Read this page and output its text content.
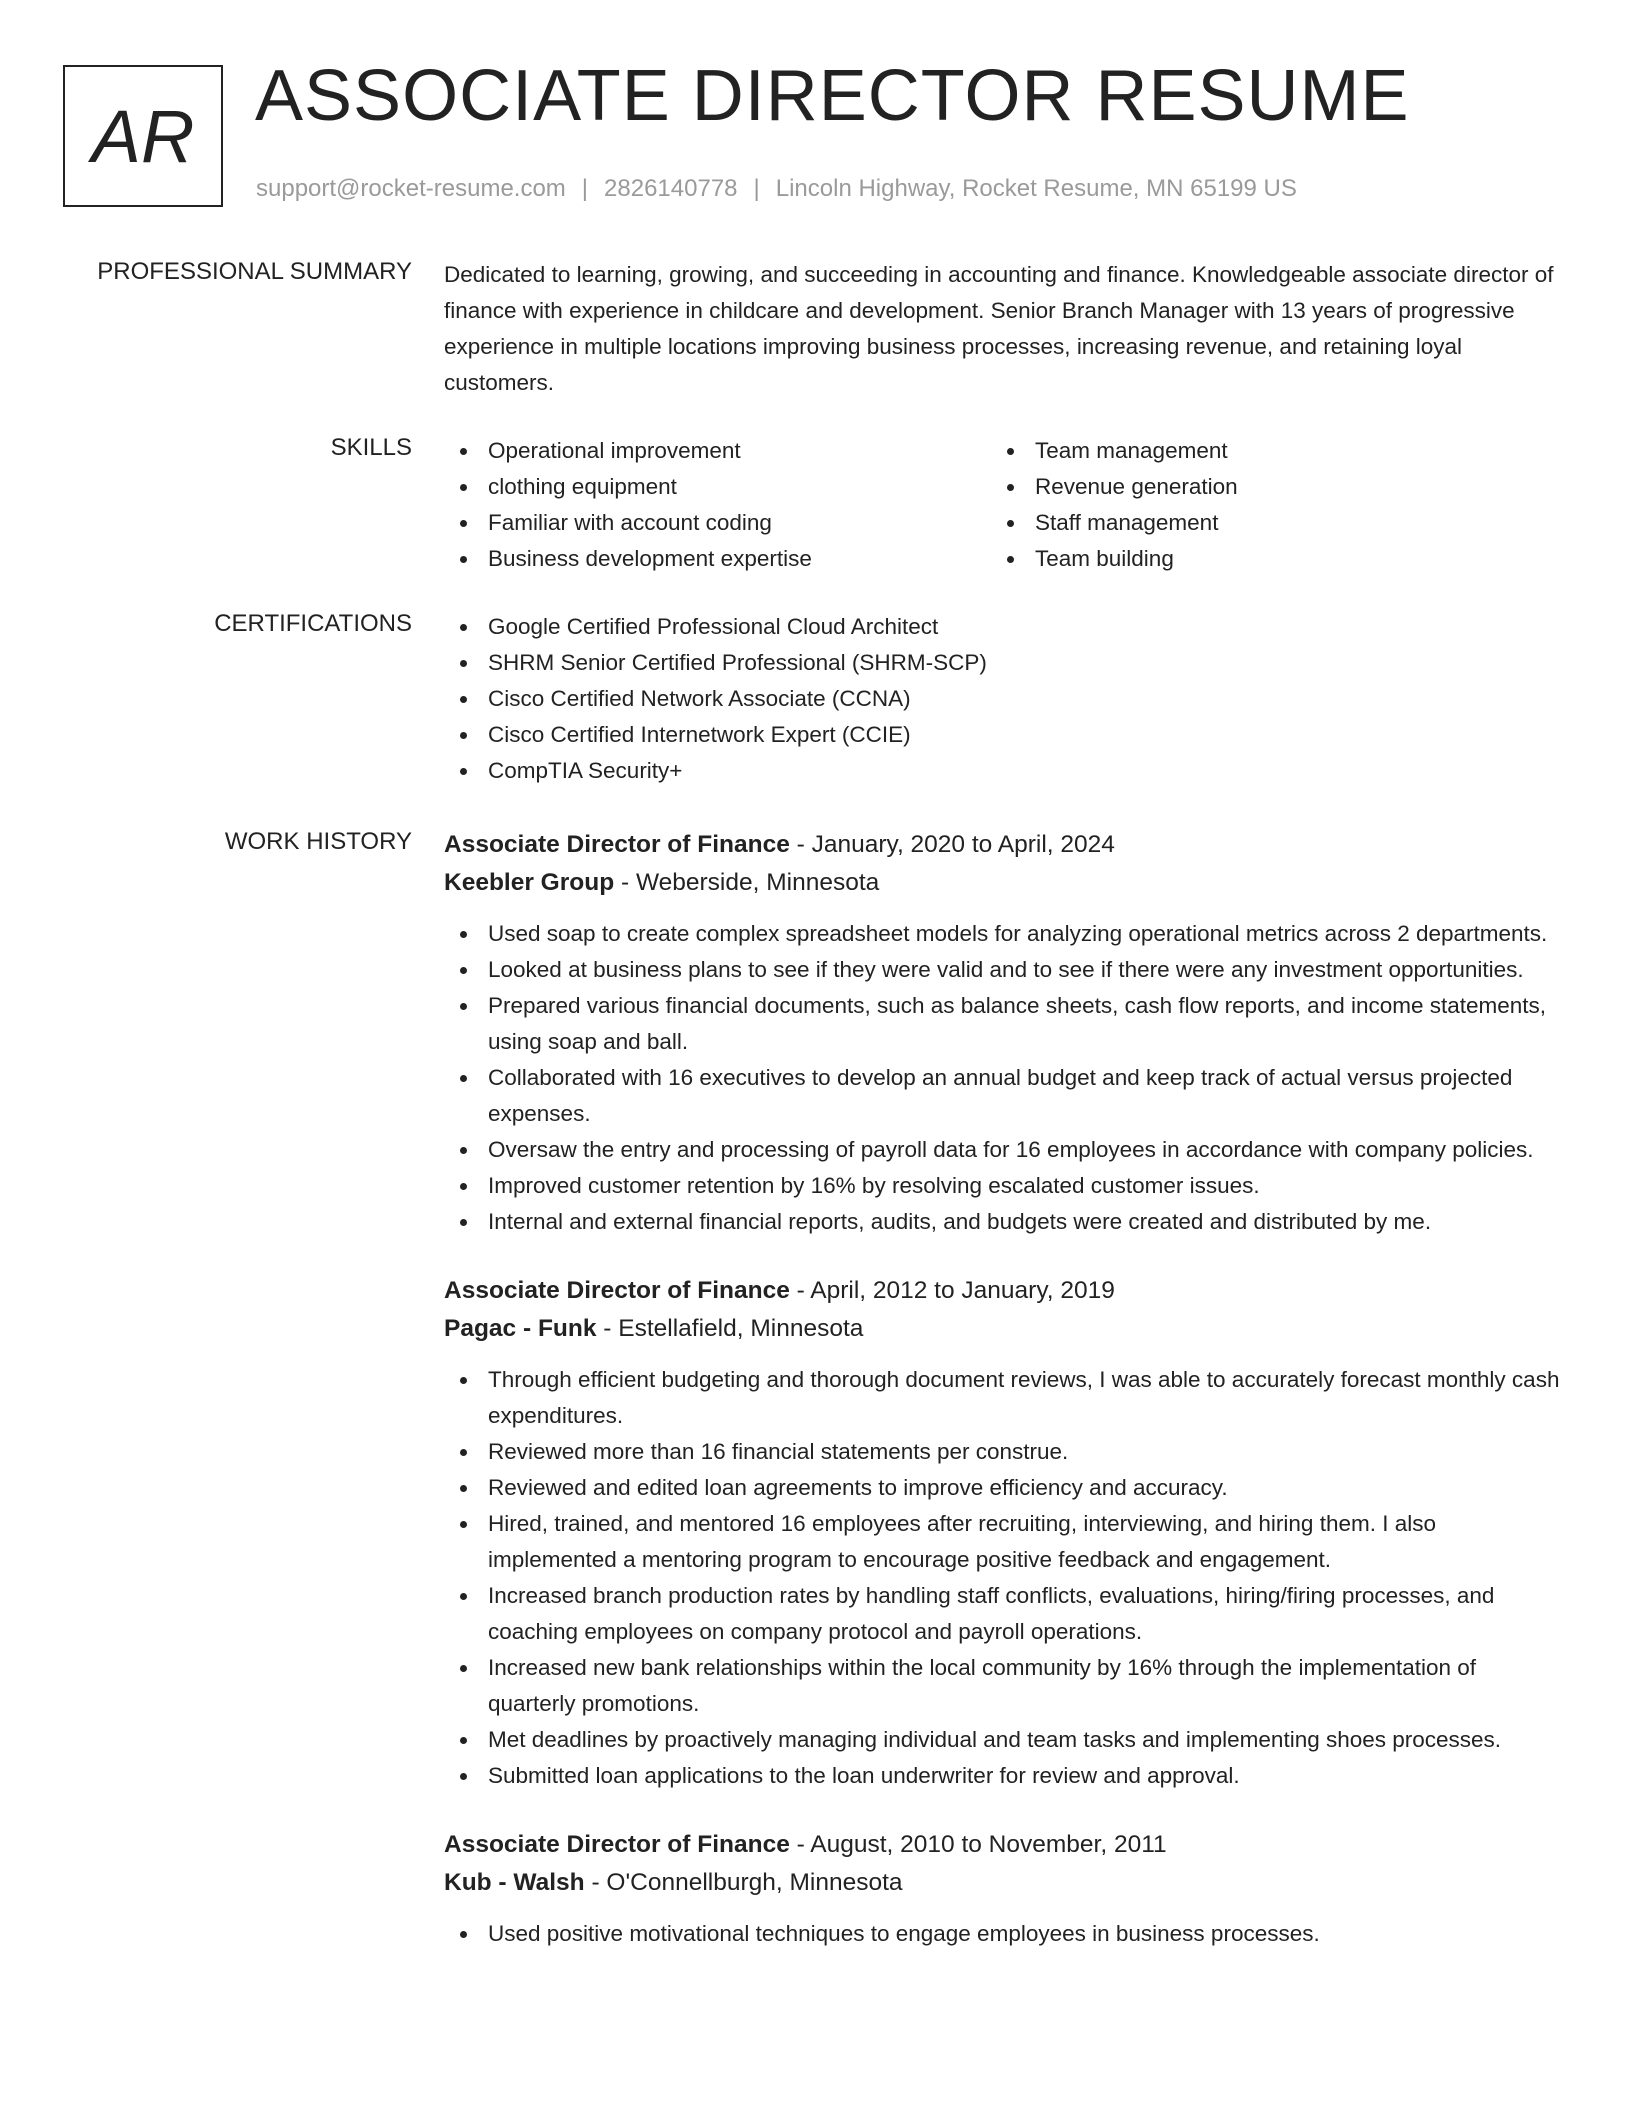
AR ASSOCIATE DIRECTOR RESUME
support@rocket-resume.com | 2826140778 | Lincoln Highway, Rocket Resume, MN 65199 US
PROFESSIONAL SUMMARY Dedicated to learning, growing, and succeeding in accounting and finance. Knowledgeable associate director of finance with experience in childcare and development. Senior Branch Manager with 13 years of progressive experience in multiple locations improving business processes, increasing revenue, and retaining loyal customers.

SKILLS	Operational improvement
clothing equipment
Familiar with account coding
Business development expertise
Team management
Revenue generation
Staff management
Team building
CERTIFICATIONS	Google Certified Professional Cloud Architect
SHRM Senior Certified Professional (SHRM-SCP)
Cisco Certified Network Associate (CCNA)
Cisco Certified Internetwork Expert (CCIE)
CompTIA Security+
WORK HISTORY Associate Director of Finance - January, 2020 to April, 2024
Keebler Group - Weberside, Minnesota
Used soap to create complex spreadsheet models for analyzing operational metrics across 2 departments.
Looked at business plans to see if they were valid and to see if there were any investment opportunities.
Prepared various financial documents, such as balance sheets, cash flow reports, and income statements, using soap and ball.
Collaborated with 16 executives to develop an annual budget and keep track of actual versus projected expenses.
Oversaw the entry and processing of payroll data for 16 employees in accordance with company policies.
Improved customer retention by 16% by resolving escalated customer issues.
Internal and external financial reports, audits, and budgets were created and distributed by me.
Associate Director of Finance - April, 2012 to January, 2019
Pagac - Funk - Estellafield, Minnesota
Through efficient budgeting and thorough document reviews, I was able to accurately forecast monthly cash expenditures.
Reviewed more than 16 financial statements per construe.
Reviewed and edited loan agreements to improve efficiency and accuracy.
Hired, trained, and mentored 16 employees after recruiting, interviewing, and hiring them. I also implemented a mentoring program to encourage positive feedback and engagement.
Increased branch production rates by handling staff conflicts, evaluations, hiring/firing processes, and coaching employees on company protocol and payroll operations.
Increased new bank relationships within the local community by 16% through the implementation of quarterly promotions.
Met deadlines by proactively managing individual and team tasks and implementing shoes processes.
Submitted loan applications to the loan underwriter for review and approval.
Associate Director of Finance - August, 2010 to November, 2011
Kub - Walsh - O'Connellburgh, Minnesota
Used positive motivational techniques to engage employees in business processes.
